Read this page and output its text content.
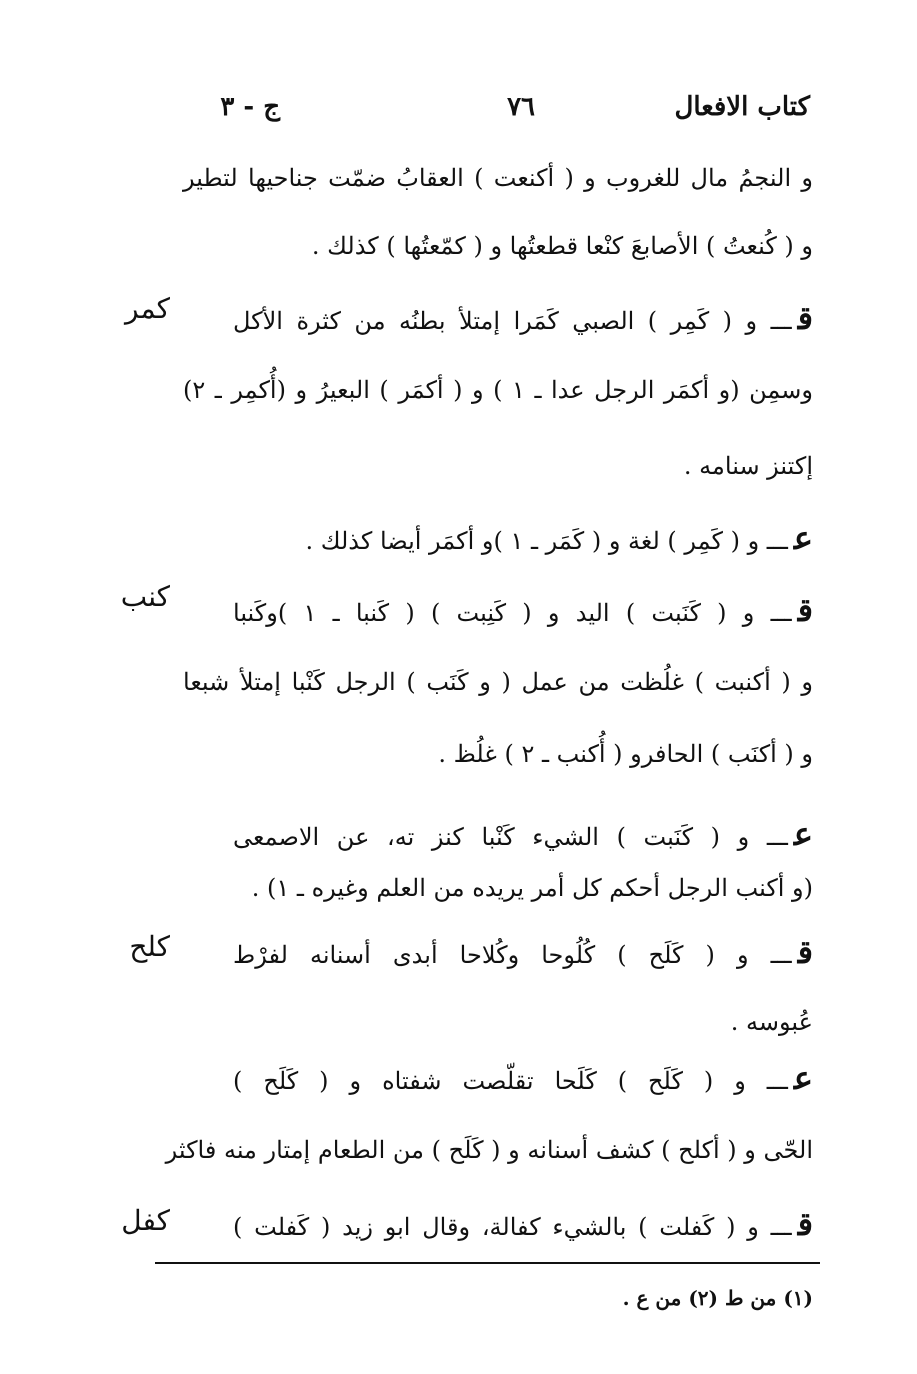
كتاب الافعال
٧٦
ج - ٣
و النجمُ مال للغروب و ( أكنعت ) العقابُ ضمّت جناحيها لتطير
و ( كُنعتُ ) الأصابعَ كنْعا قطعتُها و ( كمّعتُها ) كذلك .
قـــ و ( كَمِر ) الصبي كَمَرا إمتلأ بطنُه من كثرة الأكل
وسمِن (و أكمَر الرجل عدا ـ ١ ) و ( أكمَر ) البعيرُ و (أُكمِر ـ ٢)
إكتنز سنامه .
عـــ و ( كَمِر ) لغة و ( كَمَر ـ ١ )و أكمَر أيضا كذلك .
قـــ و ( كَنَبت ) اليد و ( كَنِبت ) ( كَنبا ـ ١ )وكَنبا
و ( أكنبت ) غلُظت من عمل ( و كَنَب ) الرجل كَنْبا إمتلأ شبعا
و ( أكنَب ) الحافرو ( أُكنب ـ ٢ ) غلُظ .
عـــ و ( كَنَبت ) الشيء كَنْبا كنز ته، عن الاصمعى
(و أكنب الرجل أحكم كل أمر يريده من العلم وغيره ـ ١) .
قـــ و ( كَلَح ) كُلُوحا وكُلاحا أبدى أسنانه لفرْط
عُبوسه .
عـــ و ( كَلَح ) كَلَحا تقلّصت شفتاه و ( كَلَح )
الحّى و ( أكلح ) كشف أسنانه و ( كَلَح ) من الطعام إمتار منه فاكثر
قـــ و ( كَفلت ) بالشيء كفالة، وقال ابو زيد ( كَفلت )
كمر
كنب
كلح
كفل
(١) من ط (٢) من ع .
